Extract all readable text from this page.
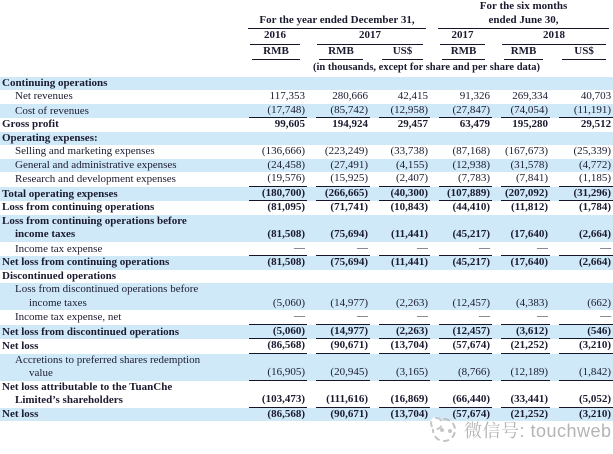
	For the year ended December 31,			For the six months
ended June 30,		

	2016	2017		2017	2018	

	RMB	RMB	US$	RMB	RMB	US$

	(in thousands, except for share and per share data)					

Continuing operations						

Net revenues	117,353	280,666	42,415	91,326	269,334	40,703

Cost of revenues	(17,748)	(85,742)	(12,958)	(27,847)	(74,054)	(11,191)

Gross profit	99,605	194,924	29,457	63,479	195,280	29,512

Operating expenses:						

Selling and marketing expenses	(136,666)	(223,249)	(33,738)	(87,168)	(167,673)	(25,339)

General and administrative expenses	(24,458)	(27,491)	(4,155)	(12,938)	(31,578)	(4,772)

Research and development expenses	(19,576)	(15,925)	(2,407)	(7,783)	(7,841)	(1,185)

Total operating expenses	(180,700)	(266,665)	(40,300)	(107,889)	(207,092)	(31,296)

Loss from continuing operations	(81,095)	(71,741)	(10,843)	(44,410)	(11,812)	(1,784)

Loss from continuing operations before
income taxes	(81,508)	(75,694)	(11,441)	(45,217)	(17,640)	(2,664)

Income tax expense	—	—	—	—	—	—

Net loss from continuing operations	(81,508)	(75,694)	(11,441)	(45,217)	(17,640)	(2,664)

Discontinued operations						

Loss from discontinued operations before
income taxes	(5,060)	(14,977)	(2,263)	(12,457)	(4,383)	(662)

Income tax expense, net	—	—	—	—	—	—

Net loss from discontinued operations	(5,060)	(14,977)	(2,263)	(12,457)	(3,612)	(546)

Net loss	(86,568)	(90,671)	(13,704)	(57,674)	(21,252)	(3,210)

Accretions to preferred shares redemption
value	(16,905)	(20,945)	(3,165)	(8,766)	(12,189)	(1,842)

Net loss attributable to the TuanChe
Limited’s shareholders	(103,473)	(111,616)	(16,869)	(66,440)	(33,441)	(5,052)

Net loss	(86,568)	(90,671)	(13,704)	(57,674)	(21,252)	(3,210)
微信号: touchweb
